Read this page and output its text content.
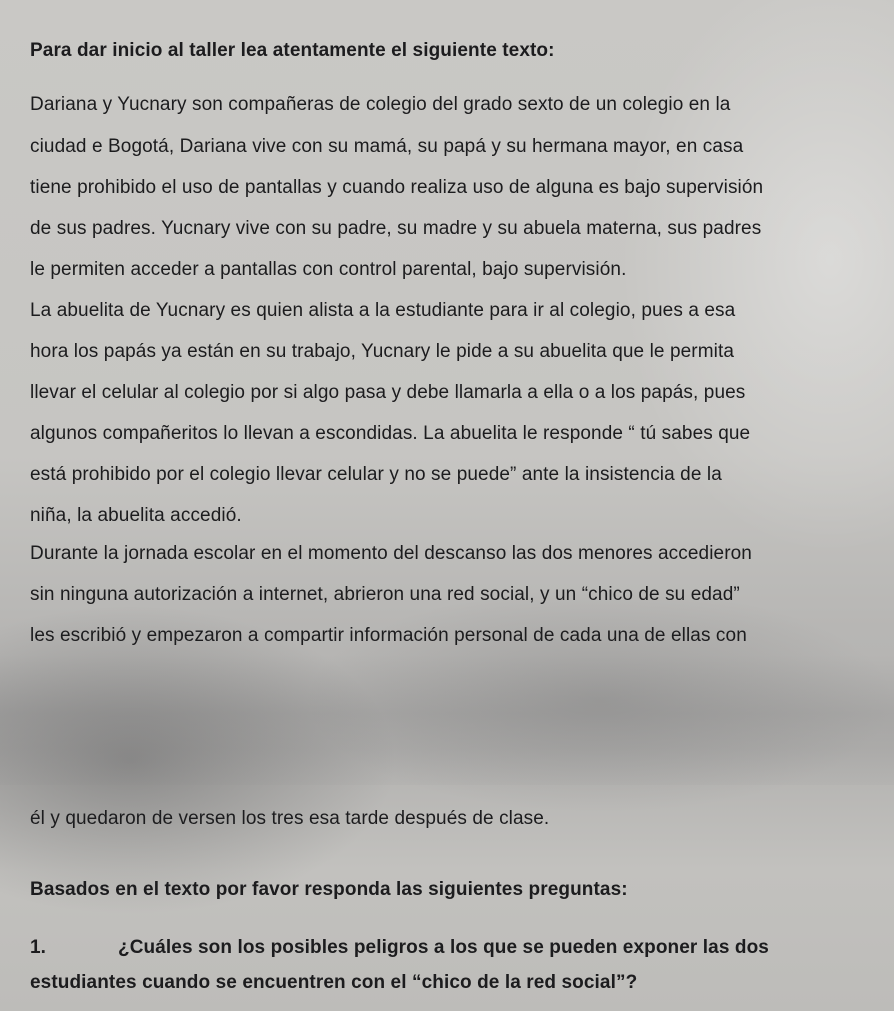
Para dar inicio al taller lea atentamente el siguiente texto:
Dariana y Yucnary son compañeras de colegio del grado sexto de un colegio en la
ciudad e Bogotá, Dariana vive con su mamá, su papá y su hermana mayor, en casa
tiene prohibido el uso de pantallas y cuando realiza uso de alguna es bajo supervisión
de sus padres. Yucnary vive con su padre, su madre y su abuela materna, sus padres
le permiten acceder a pantallas con control parental, bajo supervisión.
La abuelita de Yucnary es quien alista a la estudiante para ir al colegio, pues a esa
hora los papás ya están en su trabajo, Yucnary le pide a su abuelita que le permita
llevar el celular al colegio por si algo pasa y debe llamarla a ella o a los papás, pues
algunos compañeritos lo llevan a escondidas. La abuelita le responde “ tú sabes que
está prohibido por el colegio llevar celular y no se puede” ante la insistencia de la
niña, la abuelita accedió.
Durante la jornada escolar en el momento del descanso las dos menores accedieron
sin ninguna autorización a internet, abrieron una red social, y un “chico de su edad”
les escribió y empezaron a compartir información personal de cada una de ellas con
él y quedaron de versen los tres esa tarde después de clase.
Basados en el texto por favor responda las siguientes preguntas:
1.	¿Cuáles son los posibles peligros a los que se pueden exponer las dos
estudiantes cuando se encuentren con el “chico de la red social”?
